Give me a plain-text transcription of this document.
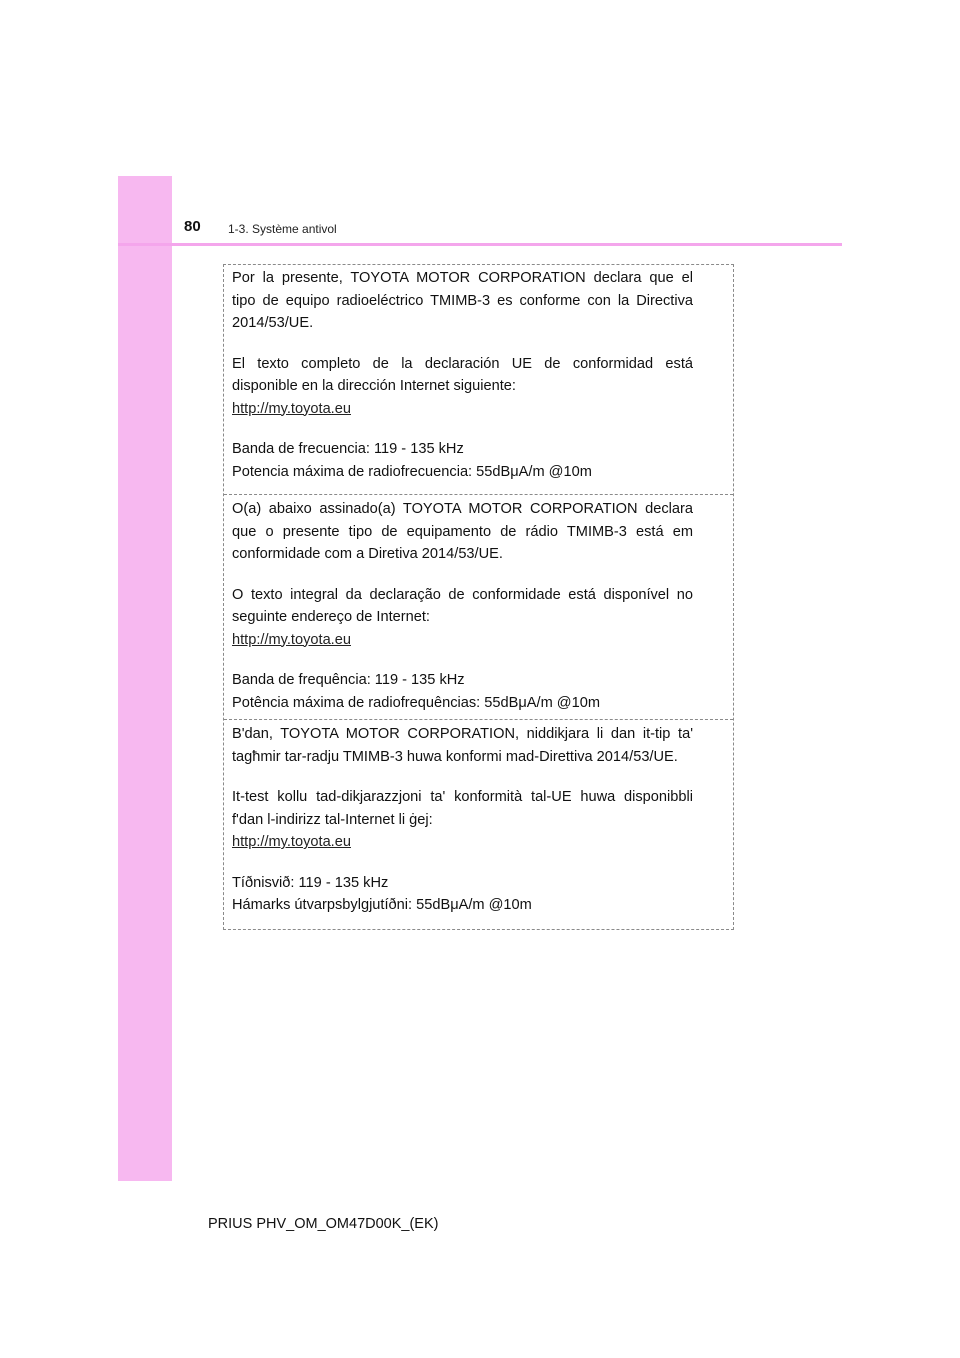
80 1-3. Système antivol

Por la presente, TOYOTA MOTOR CORPORATION declara que el
tipo de equipo radioeléctrico TMIMB-3 es conforme con la Directiva
2014/53/UE.

El texto completo de la declaración UE de conformidad está
disponible en la dirección Internet siguiente:
http://my.toyota.eu

Banda de frecuencia: 119 - 135 kHz
Potencia máxima de radiofrecuencia: 55dBμA/m @10m

O(a) abaixo assinado(a) TOYOTA MOTOR CORPORATION declara
que o presente tipo de equipamento de rádio TMIMB-3 está em
conformidade com a Diretiva 2014/53/UE.

O texto integral da declaração de conformidade está disponível no
seguinte endereço de Internet:
http://my.toyota.eu

Banda de frequência: 119 - 135 kHz
Potência máxima de radiofrequências: 55dBμA/m @10m

B'dan, TOYOTA MOTOR CORPORATION, niddikjara li dan it-tip ta'
tagħmir tar-radju TMIMB-3 huwa konformi mad-Direttiva 2014/53/UE.

It-test kollu tad-dikjarazzjoni ta' konformità tal-UE huwa disponibbli
f'dan l-indirizz tal-Internet li ġej:
http://my.toyota.eu

Tíðnisvið: 119 - 135 kHz
Hámarks útvarpsbylgjutíðni: 55dBμA/m @10m

PRIUS PHV_OM_OM47D00K_(EK)
